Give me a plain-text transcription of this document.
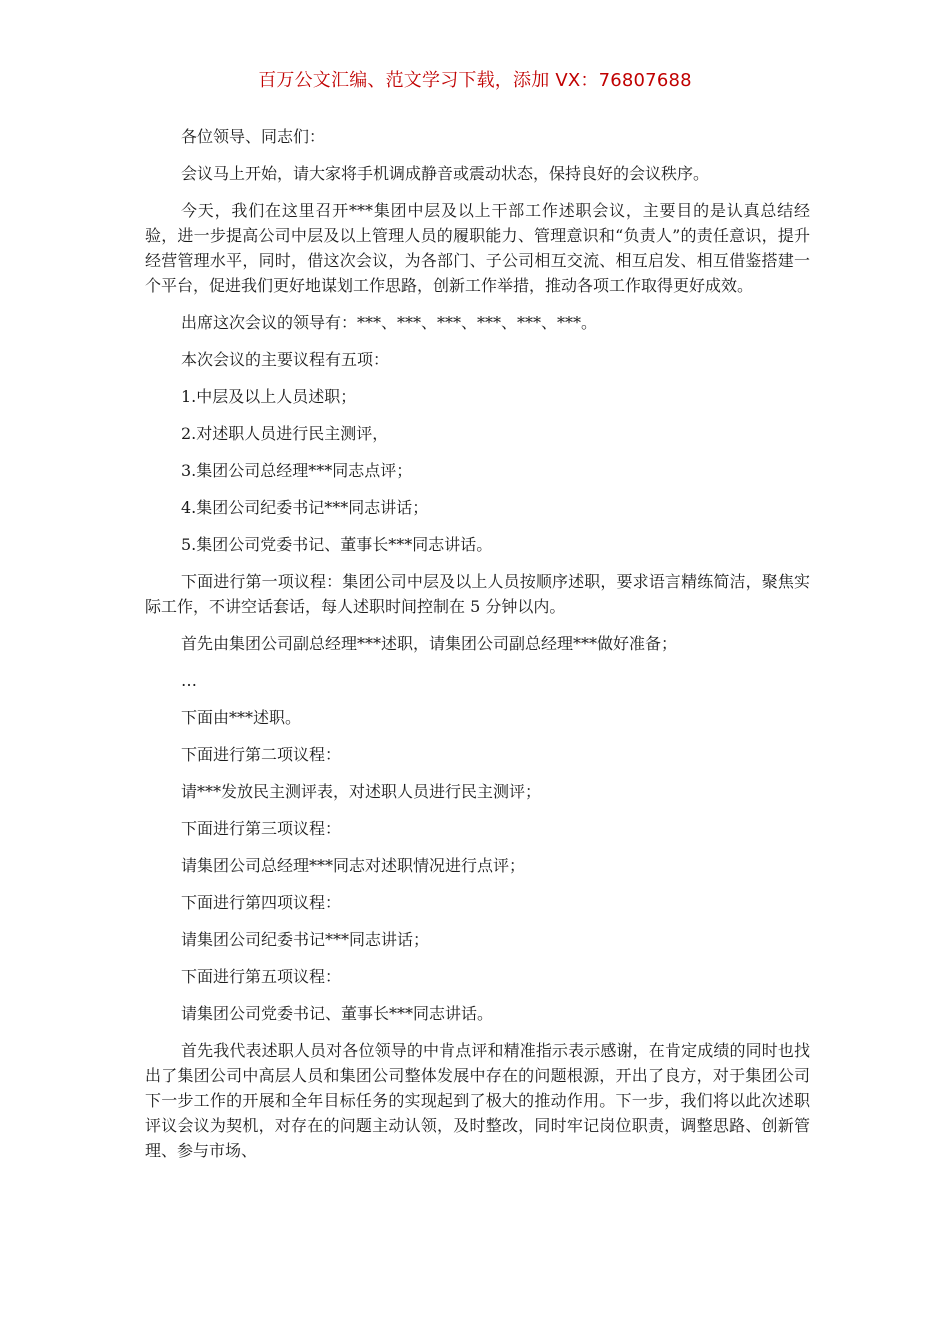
百万公文汇编、范文学习下载，添加 VX：76807688

各位领导、同志们：

会议马上开始，请大家将手机调成静音或震动状态，保持良好的会议秩序。

今天，我们在这里召开***集团中层及以上干部工作述职会议，主要目的是认真总结经验，进一步提高公司中层及以上管理人员的履职能力、管理意识和“负责人”的责任意识，提升经营管理水平，同时，借这次会议，为各部门、子公司相互交流、相互启发、相互借鉴搭建一个平台，促进我们更好地谋划工作思路，创新工作举措，推动各项工作取得更好成效。

出席这次会议的领导有：***、***、***、***、***、***。

本次会议的主要议程有五项：

1.中层及以上人员述职；

2.对述职人员进行民主测评，

3.集团公司总经理***同志点评；

4.集团公司纪委书记***同志讲话；

5.集团公司党委书记、董事长***同志讲话。

下面进行第一项议程：集团公司中层及以上人员按顺序述职，要求语言精练简洁，聚焦实际工作，不讲空话套话，每人述职时间控制在 5 分钟以内。

首先由集团公司副总经理***述职，请集团公司副总经理***做好准备；

…

下面由***述职。

下面进行第二项议程：

请***发放民主测评表，对述职人员进行民主测评；

下面进行第三项议程：

请集团公司总经理***同志对述职情况进行点评；

下面进行第四项议程：

请集团公司纪委书记***同志讲话；

下面进行第五项议程：

请集团公司党委书记、董事长***同志讲话。

首先我代表述职人员对各位领导的中肯点评和精准指示表示感谢，在肯定成绩的同时也找出了集团公司中高层人员和集团公司整体发展中存在的问题根源，开出了良方，对于集团公司下一步工作的开展和全年目标任务的实现起到了极大的推动作用。下一步，我们将以此次述职评议会议为契机，对存在的问题主动认领，及时整改，同时牢记岗位职责，调整思路、创新管理、参与市场、
